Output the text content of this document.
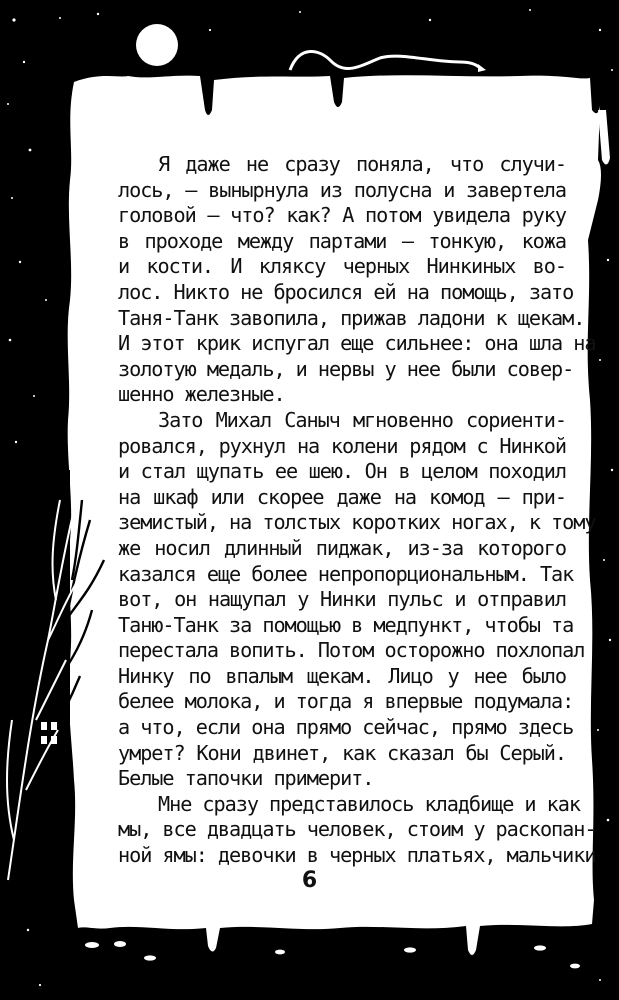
Я даже не сразу поняла, что случи-
лось, — вынырнула из полусна и завертела
головой — что? как? А потом увидела руку
в проходе между партами — тонкую, кожа
и кости. И кляксу черных Нинкиных во-
лос. Никто не бросился ей на помощь, зато
Таня-Танк завопила, прижав ладони к щекам.
И этот крик испугал еще сильнее: она шла на
золотую медаль, и нервы у нее были совер-
шенно железные.

Зато Михал Саныч мгновенно сориенти-
ровался, рухнул на колени рядом с Нинкой
и стал щупать ее шею. Он в целом походил
на шкаф или скорее даже на комод — при-
земистый, на толстых коротких ногах, к тому
же носил длинный пиджак, из-за которого
казался еще более непропорциональным. Так
вот, он нащупал у Нинки пульс и отправил
Таню-Танк за помощью в медпункт, чтобы та
перестала вопить. Потом осторожно похлопал
Нинку по впалым щекам. Лицо у нее было
белее молока, и тогда я впервые подумала:
а что, если она прямо сейчас, прямо здесь
умрет? Кони двинет, как сказал бы Серый.
Белые тапочки примерит.

Мне сразу представилось кладбище и как
мы, все двадцать человек, стоим у раскопан-
ной ямы: девочки в черных платьях, мальчики

6
